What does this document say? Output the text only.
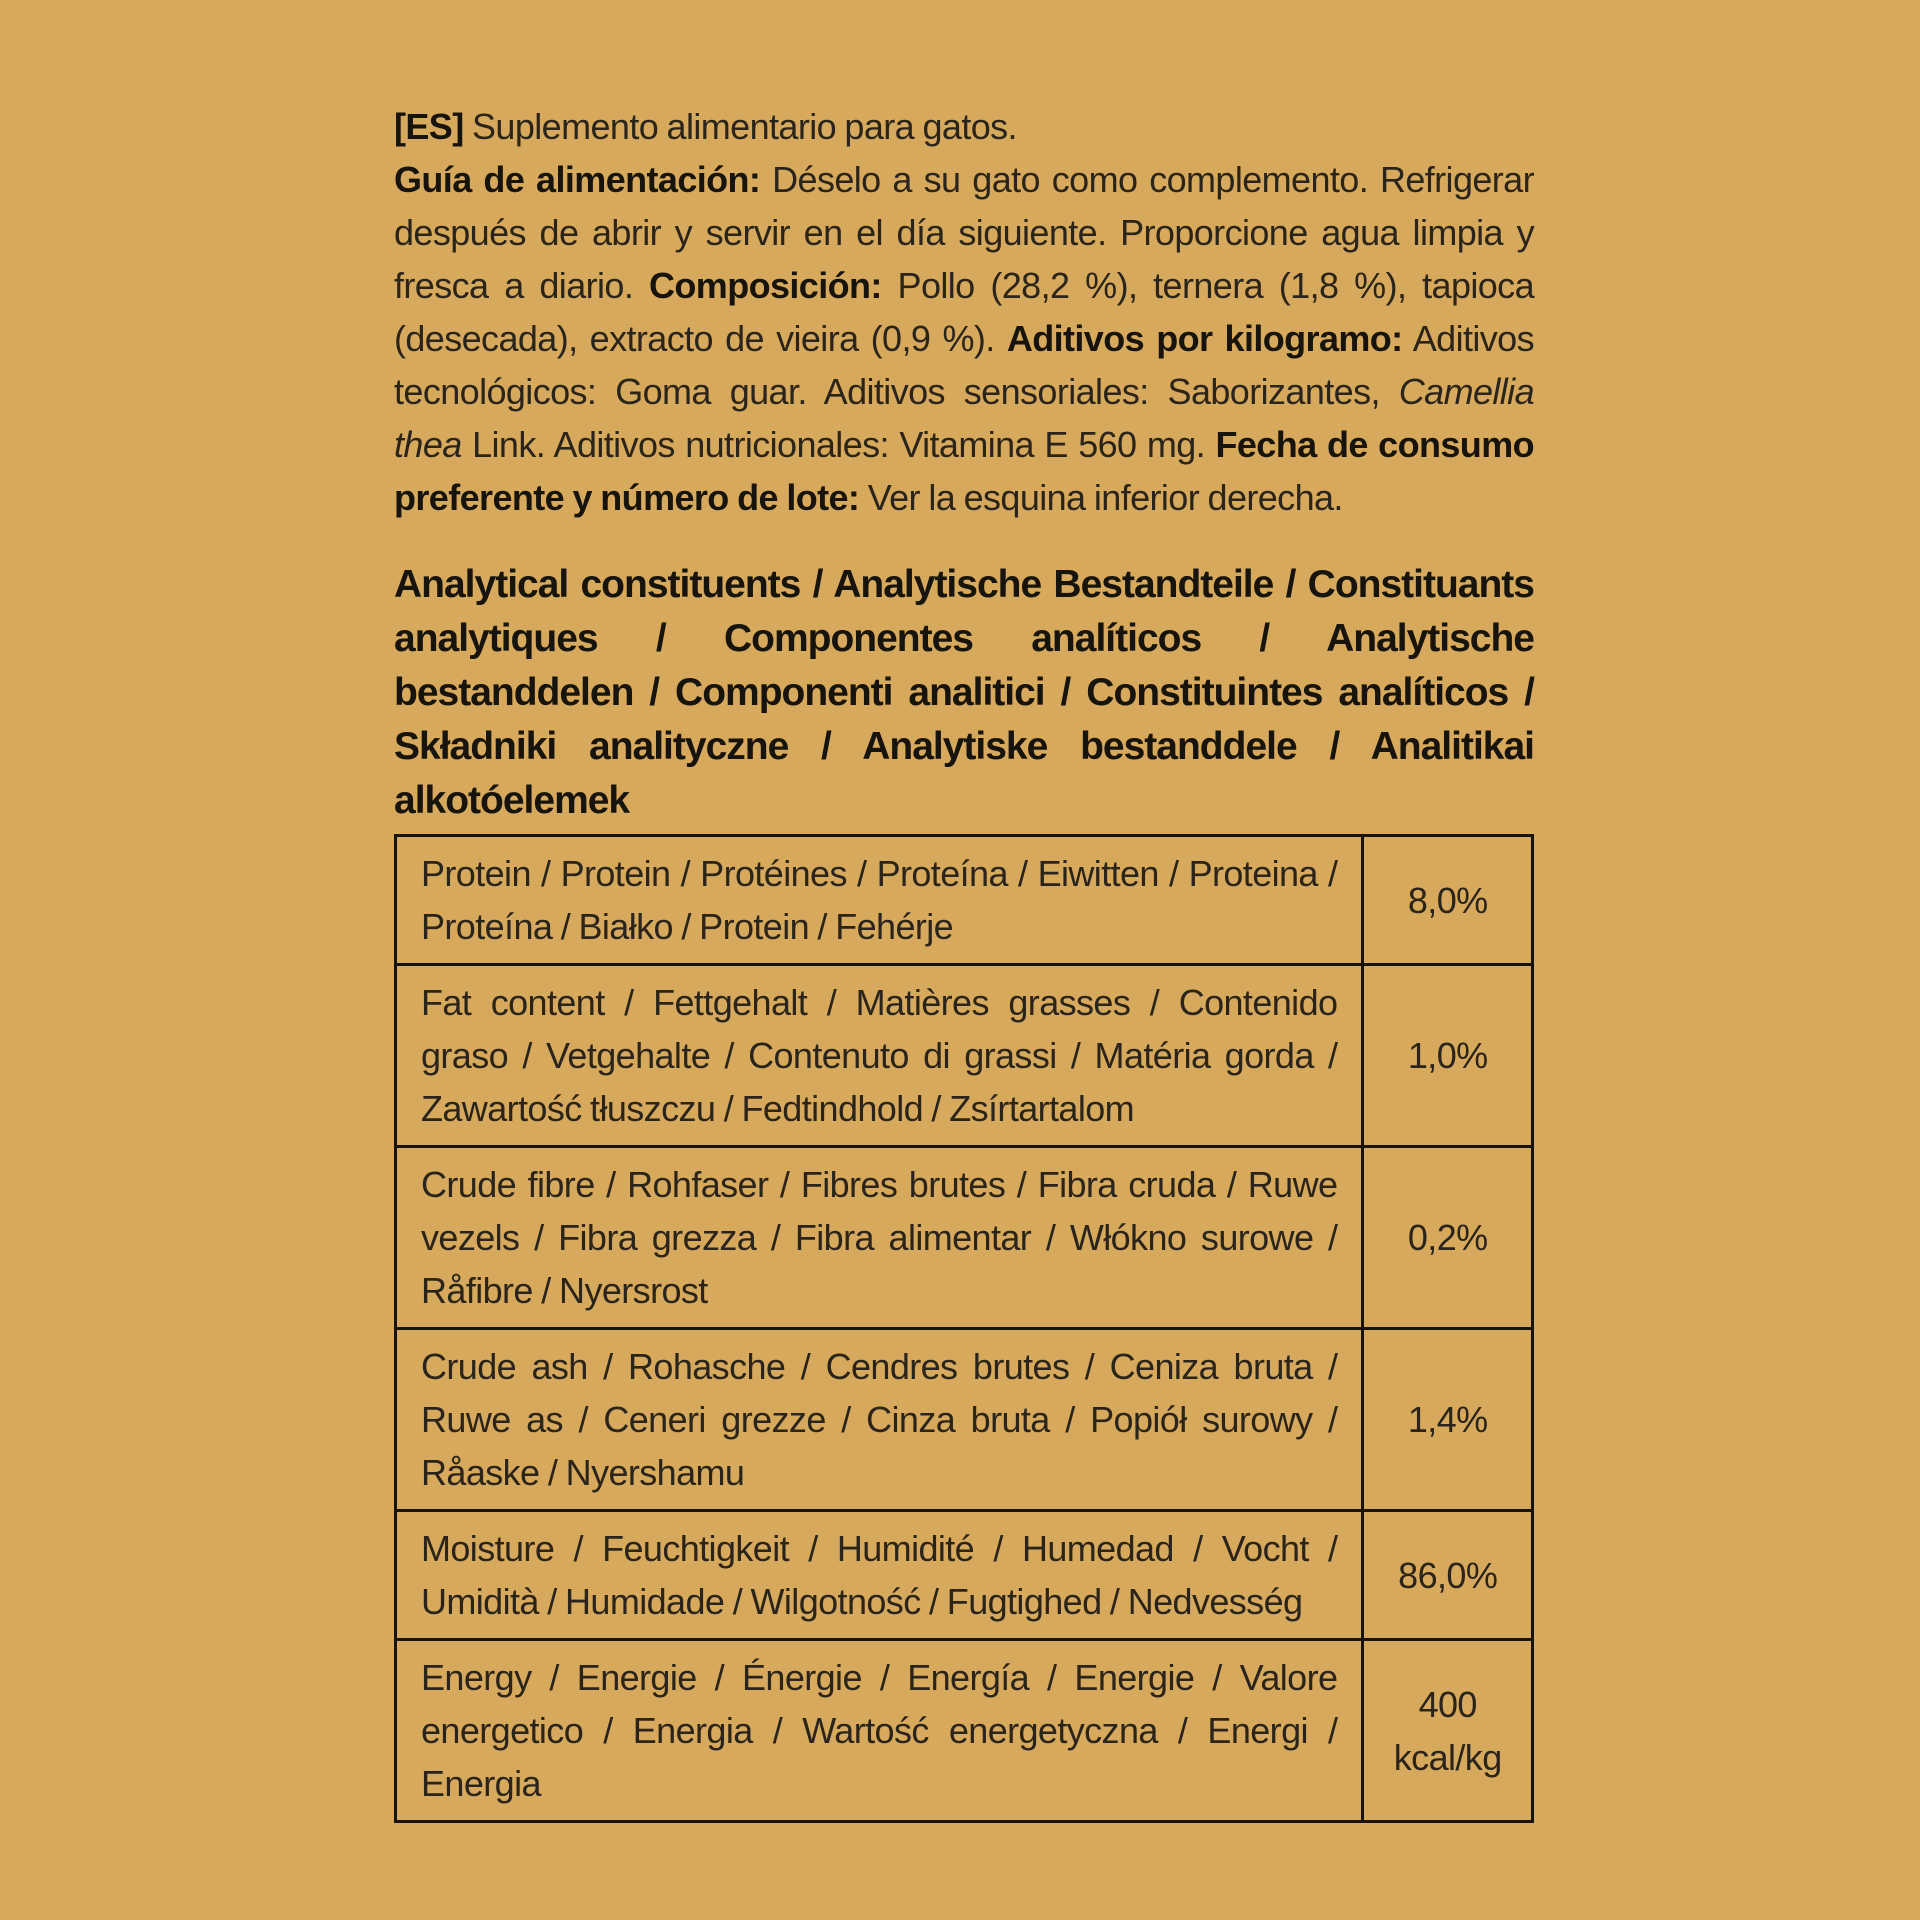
[ES] Suplemento alimentario para gatos.
Guía de alimentación: Déselo a su gato como complemento. Refrigerar después de abrir y servir en el día siguiente. Proporcione agua limpia y fresca a diario. Composición: Pollo (28,2 %), ternera (1,8 %), tapioca (desecada), extracto de vieira (0,9 %). Aditivos por kilogramo: Aditivos tecnológicos: Goma guar. Aditivos sensoriales: Saborizantes, Camellia thea Link. Aditivos nutricionales: Vitamina E 560 mg. Fecha de consumo preferente y número de lote: Ver la esquina inferior derecha.

Analytical constituents / Analytische Bestandteile / Constituants analytiques / Componentes analíticos / Analytische bestanddelen / Componenti analitici / Constituintes analíticos / Składniki analityczne / Analytiske bestanddele / Analitikai alkotóelemek
Protein / Protein / Protéines / Proteína / Eiwitten / Proteina / Proteína / Białko / Protein / Fehérje	8,0%
Fat content / Fettgehalt / Matières grasses / Contenido graso / Vetgehalte / Contenuto di grassi / Matéria gorda / Zawartość tłuszczu / Fedtindhold / Zsírtartalom	1,0%
Crude fibre / Rohfaser / Fibres brutes / Fibra cruda / Ruwe vezels / Fibra grezza / Fibra alimentar / Włókno surowe / Råfibre / Nyersrost	0,2%
Crude ash / Rohasche / Cendres brutes / Ceniza bruta / Ruwe as / Ceneri grezze / Cinza bruta / Popiół surowy / Råaske / Nyershamu	1,4%
Moisture / Feuchtigkeit / Humidité / Humedad / Vocht / Umidità / Humidade / Wilgotność / Fugtighed / Nedvesség	86,0%
Energy / Energie / Énergie / Energía / Energie / Valore energetico / Energia / Wartość energetyczna / Energi / Energia	400 kcal/kg
